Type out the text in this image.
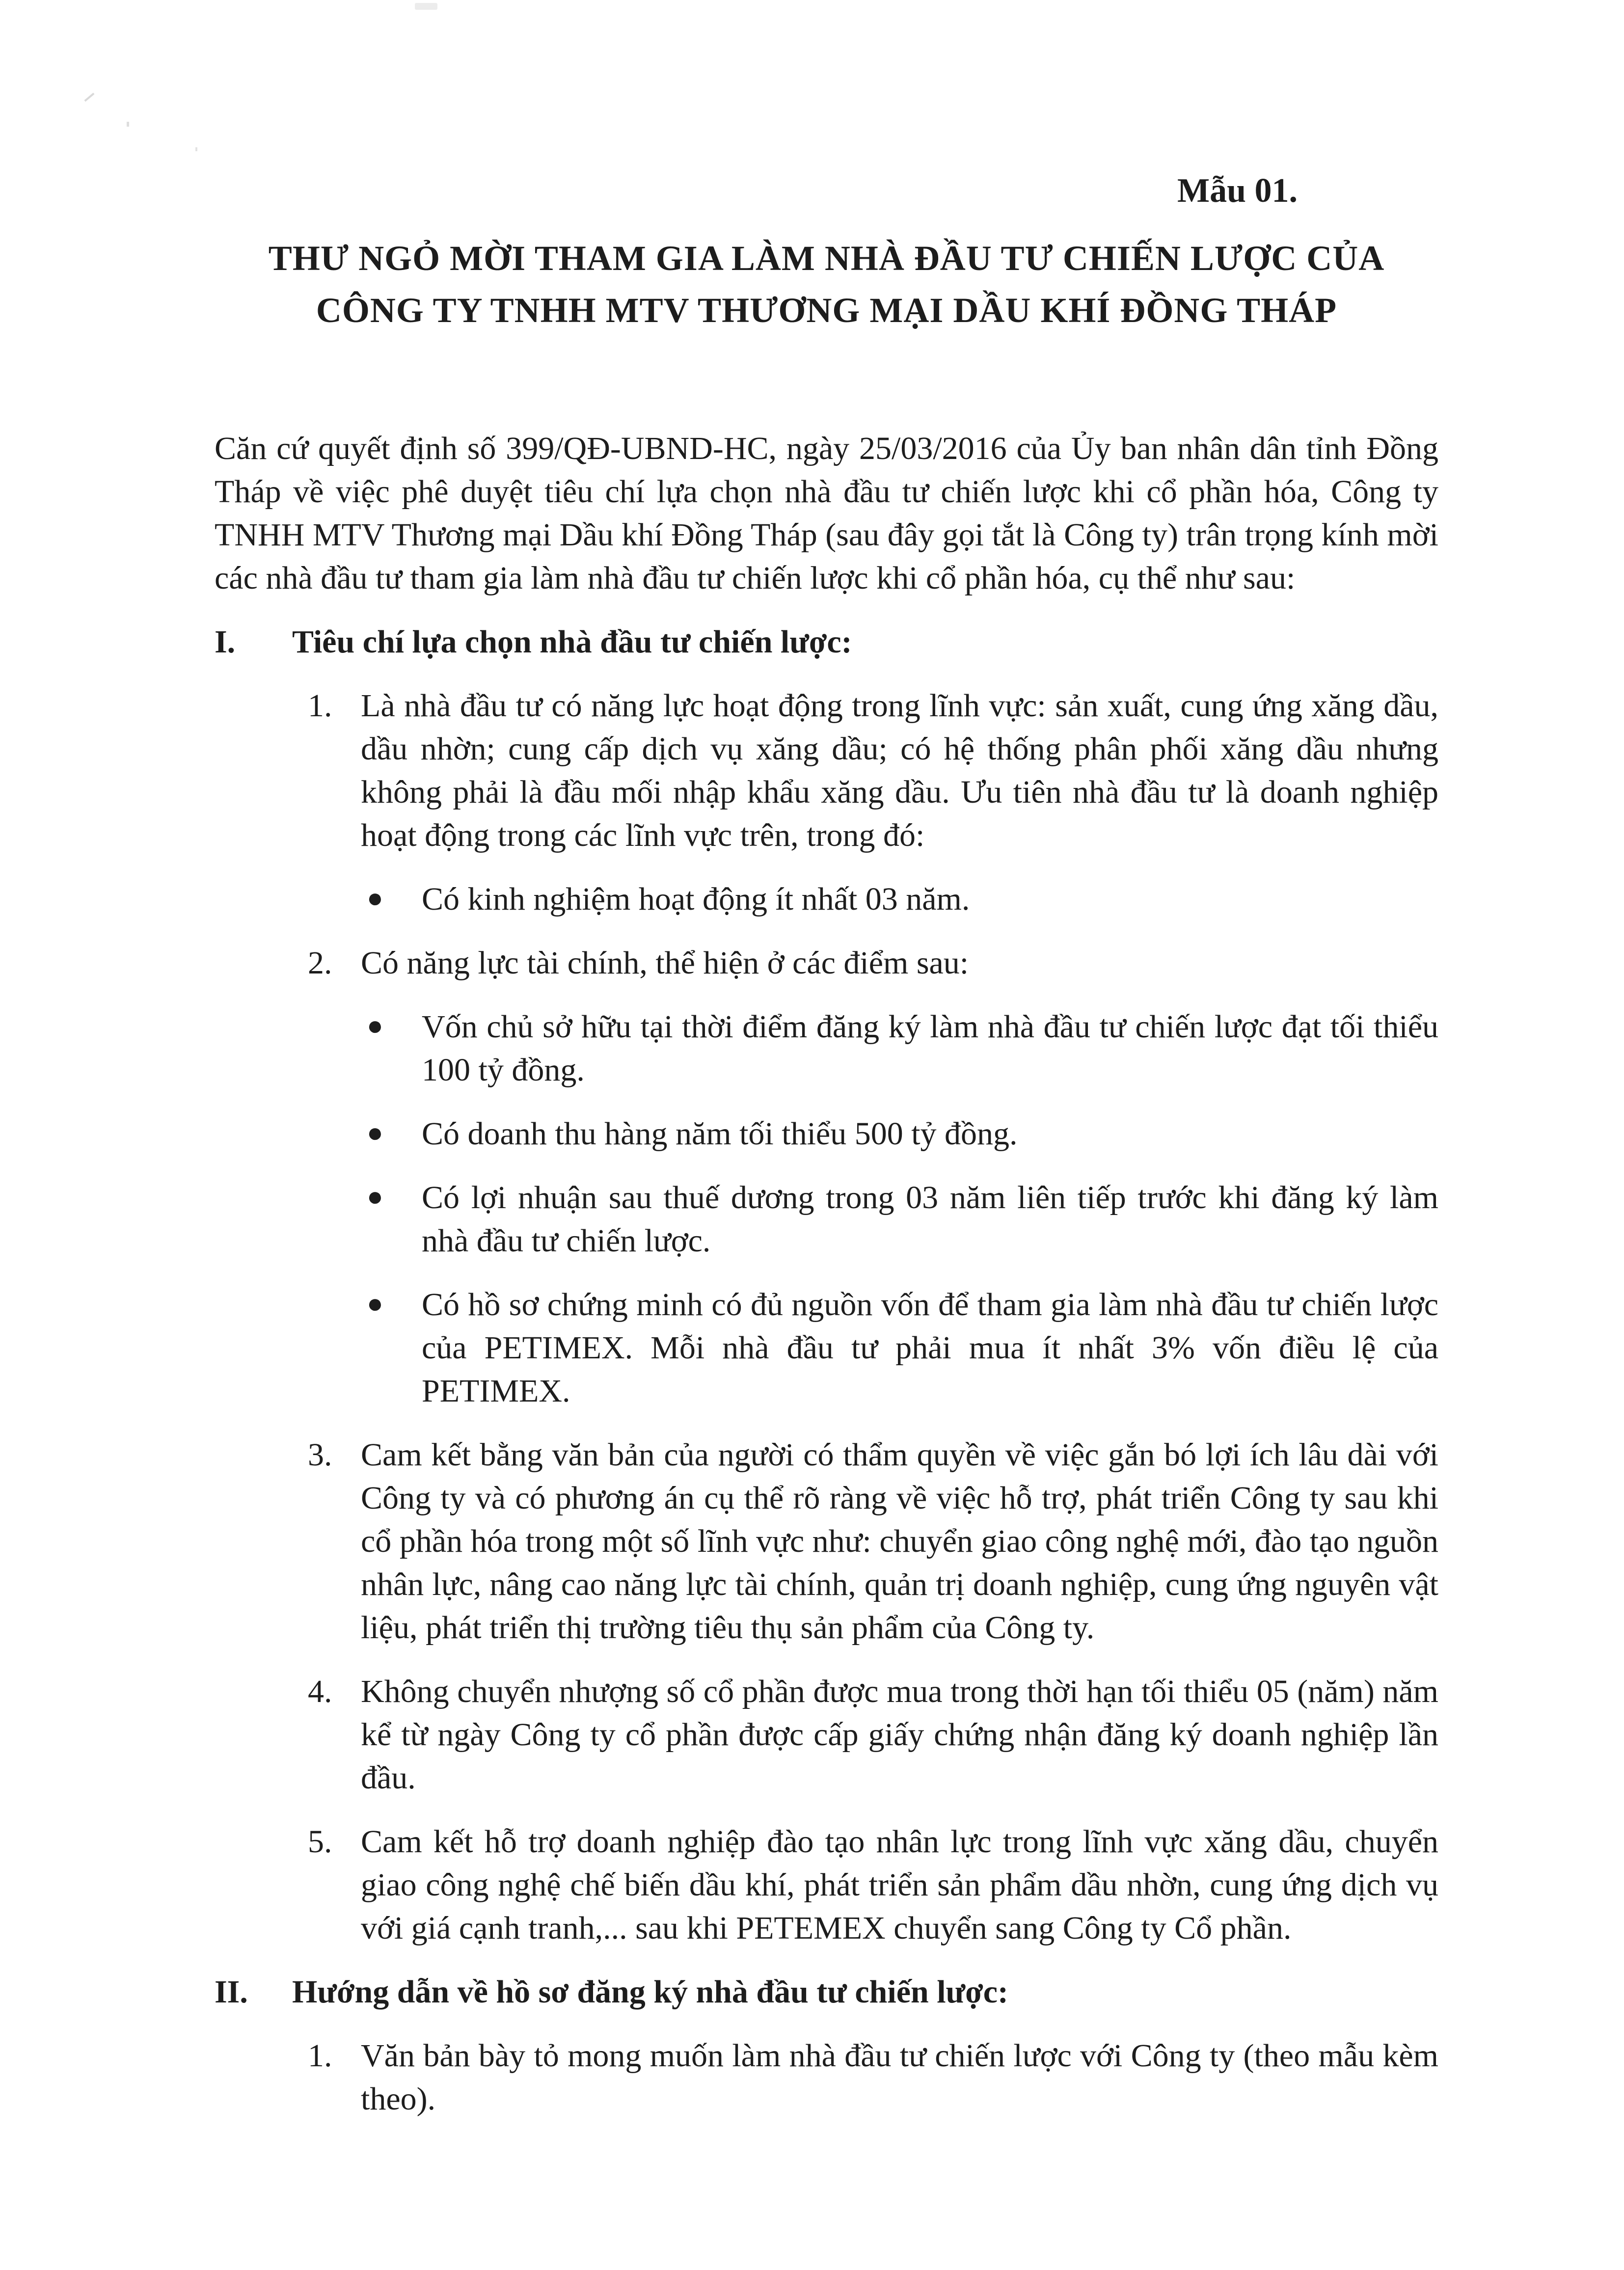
Mẫu 01.
THƯ NGỎ MỜI THAM GIA LÀM NHÀ ĐẦU TƯ CHIẾN LƯỢC CỦA
CÔNG TY TNHH MTV THƯƠNG MẠI DẦU KHÍ ĐỒNG THÁP

Căn cứ quyết định số 399/QĐ-UBND-HC, ngày 25/03/2016 của Ủy ban nhân dân tỉnh Đồng Tháp về việc phê duyệt tiêu chí lựa chọn nhà đầu tư chiến lược khi cổ phần hóa, Công ty TNHH MTV Thương mại Dầu khí Đồng Tháp (sau đây gọi tắt là Công ty) trân trọng kính mời các nhà đầu tư tham gia làm nhà đầu tư chiến lược khi cổ phần hóa, cụ thể như sau:

I. Tiêu chí lựa chọn nhà đầu tư chiến lược:
1. Là nhà đầu tư có năng lực hoạt động trong lĩnh vực: sản xuất, cung ứng xăng dầu, dầu nhờn; cung cấp dịch vụ xăng dầu; có hệ thống phân phối xăng dầu nhưng không phải là đầu mối nhập khẩu xăng dầu. Ưu tiên nhà đầu tư là doanh nghiệp hoạt động trong các lĩnh vực trên, trong đó:
● Có kinh nghiệm hoạt động ít nhất 03 năm.
2. Có năng lực tài chính, thể hiện ở các điểm sau:
● Vốn chủ sở hữu tại thời điểm đăng ký làm nhà đầu tư chiến lược đạt tối thiểu 100 tỷ đồng.
● Có doanh thu hàng năm tối thiểu 500 tỷ đồng.
● Có lợi nhuận sau thuế dương trong 03 năm liên tiếp trước khi đăng ký làm nhà đầu tư chiến lược.
● Có hồ sơ chứng minh có đủ nguồn vốn để tham gia làm nhà đầu tư chiến lược của PETIMEX. Mỗi nhà đầu tư phải mua ít nhất 3% vốn điều lệ của PETIMEX.
3. Cam kết bằng văn bản của người có thẩm quyền về việc gắn bó lợi ích lâu dài với Công ty và có phương án cụ thể rõ ràng về việc hỗ trợ, phát triển Công ty sau khi cổ phần hóa trong một số lĩnh vực như: chuyển giao công nghệ mới, đào tạo nguồn nhân lực, nâng cao năng lực tài chính, quản trị doanh nghiệp, cung ứng nguyên vật liệu, phát triển thị trường tiêu thụ sản phẩm của Công ty.
4. Không chuyển nhượng số cổ phần được mua trong thời hạn tối thiểu 05 (năm) năm kể từ ngày Công ty cổ phần được cấp giấy chứng nhận đăng ký doanh nghiệp lần đầu.
5. Cam kết hỗ trợ doanh nghiệp đào tạo nhân lực trong lĩnh vực xăng dầu, chuyển giao công nghệ chế biến dầu khí, phát triển sản phẩm dầu nhờn, cung ứng dịch vụ với giá cạnh tranh,... sau khi PETEMEX chuyển sang Công ty Cổ phần.
II. Hướng dẫn về hồ sơ đăng ký nhà đầu tư chiến lược:
1. Văn bản bày tỏ mong muốn làm nhà đầu tư chiến lược với Công ty (theo mẫu kèm theo).
